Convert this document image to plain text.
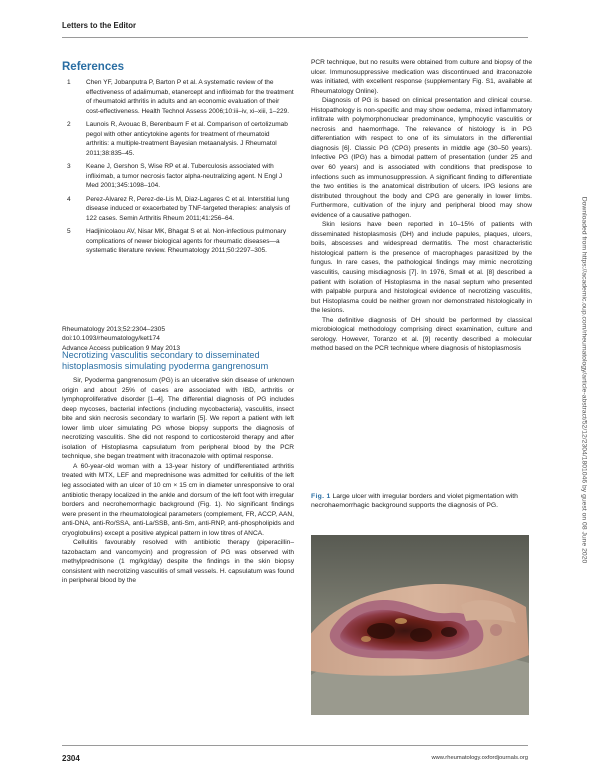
Letters to the Editor
References
1 Chen YF, Jobanputra P, Barton P et al. A systematic review of the effectiveness of adalimumab, etanercept and infliximab for the treatment of rheumatoid arthritis in adults and an economic evaluation of their cost-effectiveness. Health Technol Assess 2006;10:iii–iv, xi–xiii, 1–229.
2 Launois R, Avouac B, Berenbaum F et al. Comparison of certolizumab pegol with other anticytokine agents for treatment of rheumatoid arthritis: a multiple-treatment Bayesian metaanalysis. J Rheumatol 2011;38:835–45.
3 Keane J, Gershon S, Wise RP et al. Tuberculosis associated with infliximab, a tumor necrosis factor alpha-neutralizing agent. N Engl J Med 2001;345:1098–104.
4 Perez-Alvarez R, Perez-de-Lis M, Diaz-Lagares C et al. Interstitial lung disease induced or exacerbated by TNF-targeted therapies: analysis of 122 cases. Semin Arthritis Rheum 2011;41:256–64.
5 Hadjinicolaou AV, Nisar MK, Bhagat S et al. Non-infectious pulmonary complications of newer biological agents for rheumatic diseases—a systematic literature review. Rheumatology 2011;50:2297–305.
Rheumatology 2013;52:2304–2305
doi:10.1093/rheumatology/ket174
Advance Access publication 9 May 2013
Necrotizing vasculitis secondary to disseminated histoplasmosis simulating pyoderma gangrenosum

Sir, Pyoderma gangrenosum (PG) is an ulcerative skin disease of unknown origin and about 25% of cases are associated with IBD, arthritis or lymphoproliferative disorder [1–4]. The differential diagnosis of PG includes deep mycoses, bacterial infections (including mycobacteria), vasculitis, insect bite and skin necrosis secondary to warfarin [5]. We report a patient with left lower limb ulcer simulating PG whose biopsy supports the diagnosis of necrotizing vasculitis. She did not respond to corticosteroid therapy and after isolation of Histoplasma capsulatum from peripheral blood by the PCR technique, she began treatment with itraconazole with optimal response.

A 60-year-old woman with a 13-year history of undifferentiated arthritis treated with MTX, LEF and meprednisone was admitted for cellulitis of the left leg associated with an ulcer of 10 cm × 15 cm in diameter unresponsive to oral antibiotic therapy localized in the ankle and dorsum of the left foot with irregular borders and necrohemorrhagic background (Fig. 1). No significant findings were present in the rheumatological parameters (complement, FR, ACCP, AAN, anti-DNA, anti-Ro/SSA, anti-La/SSB, anti-Sm, anti-RNP, anti-phospholipids and cryoglobulins) except a positive atypical pattern in low titres of ANCA.

Cellulitis favourably resolved with antibiotic therapy (piperacillin–tazobactam and vancomycin) and progression of PG was observed with methylprednisone (1 mg/kg/day) despite the findings in the skin biopsy consistent with necrotizing vasculitis of small vessels. H. capsulatum was found in peripheral blood by the

PCR technique, but no results were obtained from culture and biopsy of the ulcer. Immunosuppressive medication was discontinued and itraconazole was initiated, with excellent response (supplementary Fig. S1, available at Rheumatology Online).

Diagnosis of PG is based on clinical presentation and clinical course. Histopathology is non-specific and may show oedema, mixed inflammatory infiltrate with polymorphonuclear predominance, lymphocytic vasculitis or necrosis and haemorrhage. The relevance of histology is in PG differentiation with respect to one of its simulators in the differential diagnosis [6]. Classic PG (CPG) presents in middle age (30–50 years). Infective PG (IPG) has a bimodal pattern of presentation (under 25 and over 60 years) and is associated with conditions that predispose to infections such as immunosuppression. A significant finding to differentiate the two entities is the anatomical distribution of ulcers. IPG lesions are distributed throughout the body and CPG are generally in lower limbs. Furthermore, cultivation of the injury and peripheral blood may show evidence of a causative pathogen.

Skin lesions have been reported in 10–15% of patients with disseminated histoplasmosis (DH) and include papules, plaques, ulcers, boils, abscesses and widespread dermatitis. The most characteristic histological pattern is the presence of macrophages parasitized by the fungus. In rare cases, the pathological findings may mimic necrotizing vasculitis, causing misdiagnosis [7]. In 1976, Small et al. [8] described a patient with isolation of Histoplasma in the nasal septum who presented with palpable purpura and histological evidence of necrotizing vasculitis, but Histoplasma could be neither grown nor demonstrated histologically in the lesions.

The definitive diagnosis of DH should be performed by classical microbiological methodology comprising direct examination, culture and serology. However, Toranzo et al. [9] recently described a molecular method based on the PCR technique where diagnosis of histoplasmosis

Fig. 1 Large ulcer with irregular borders and violet pigmentation with necrohaemorrhagic background supports the diagnosis of PG.
2304	www.rheumatology.oxfordjournals.org
Downloaded from https://academic.oup.com/rheumatology/article-abstract/52/12/2304/1801046 by guest on 08 June 2020
